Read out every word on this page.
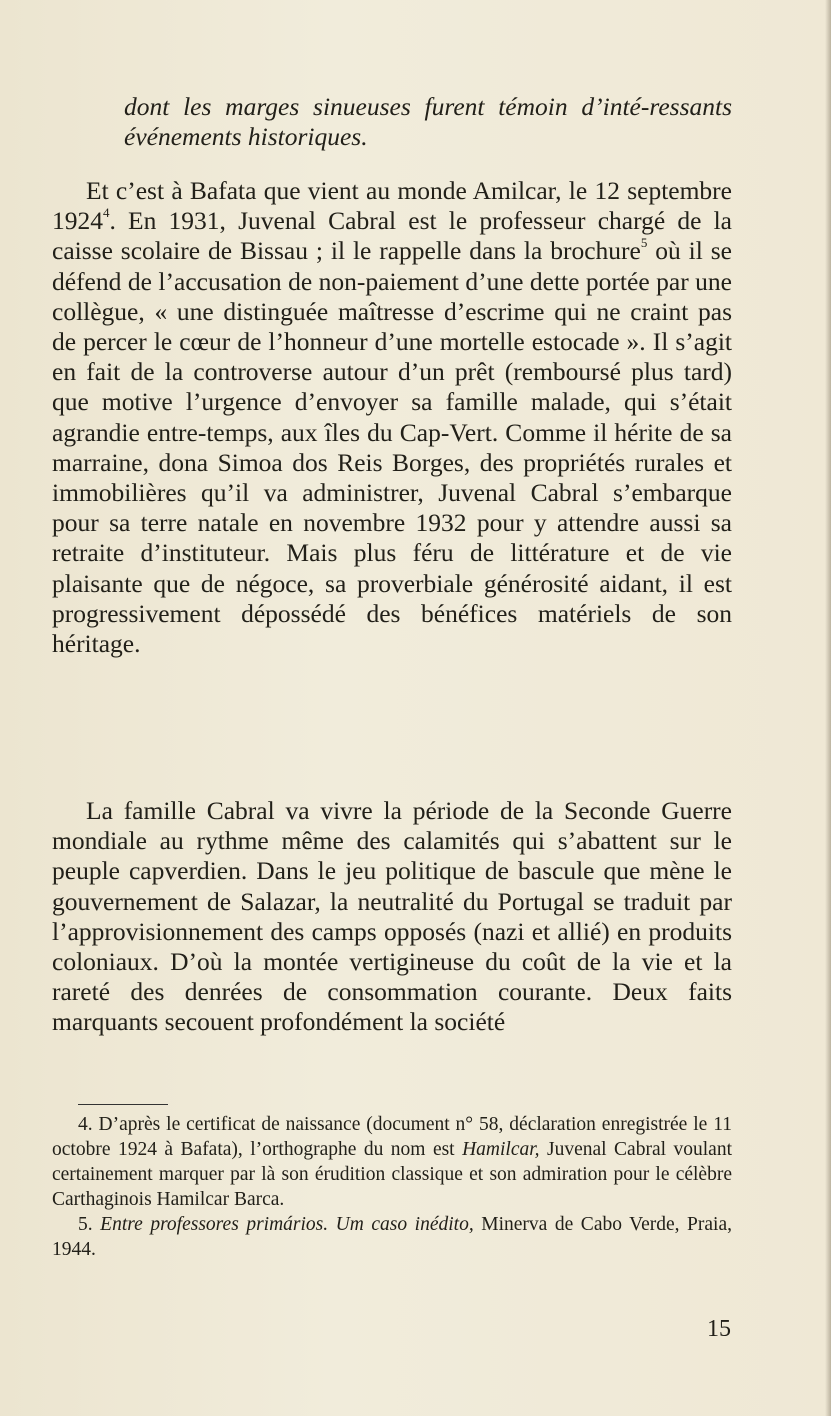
dont les marges sinueuses furent témoin d’inté-ressants événements historiques.

Et c’est à Bafata que vient au monde Amilcar, le 12 septembre 1924$^4$. En 1931, Juvenal Cabral est le professeur chargé de la caisse scolaire de Bissau ; il le rappelle dans la brochure$^5$ où il se défend de l’accusation de non-paiement d’une dette portée par une collègue, « une distinguée maîtresse d’escrime qui ne craint pas de percer le cœur de l’honneur d’une mortelle estocade ». Il s’agit en fait de la controverse autour d’un prêt (remboursé plus tard) que motive l’urgence d’envoyer sa famille malade, qui s’était agrandie entre-temps, aux îles du Cap-Vert. Comme il hérite de sa marraine, dona Simoa dos Reis Borges, des propriétés rurales et immobilières qu’il va administrer, Juvenal Cabral s’embarque pour sa terre natale en novembre 1932 pour y attendre aussi sa retraite d’instituteur. Mais plus féru de littérature et de vie plaisante que de négoce, sa proverbiale générosité aidant, il est progressivement dépossédé des bénéfices matériels de son héritage.

La famille Cabral va vivre la période de la Seconde Guerre mondiale au rythme même des calamités qui s’abattent sur le peuple capverdien. Dans le jeu politique de bascule que mène le gouvernement de Salazar, la neutralité du Portugal se traduit par l’approvisionnement des camps opposés (nazi et allié) en produits coloniaux. D’où la montée vertigineuse du coût de la vie et la rareté des denrées de consommation courante. Deux faits marquants secouent profondément la société

4. D’après le certificat de naissance (document n° 58, déclaration enregistrée le 11 octobre 1924 à Bafata), l’orthographe du nom est Hamilcar, Juvenal Cabral voulant certainement marquer par là son érudition classique et son admiration pour le célèbre Carthaginois Hamilcar Barca.

5. Entre professores primários. Um caso inédito, Minerva de Cabo Verde, Praia, 1944.

15
